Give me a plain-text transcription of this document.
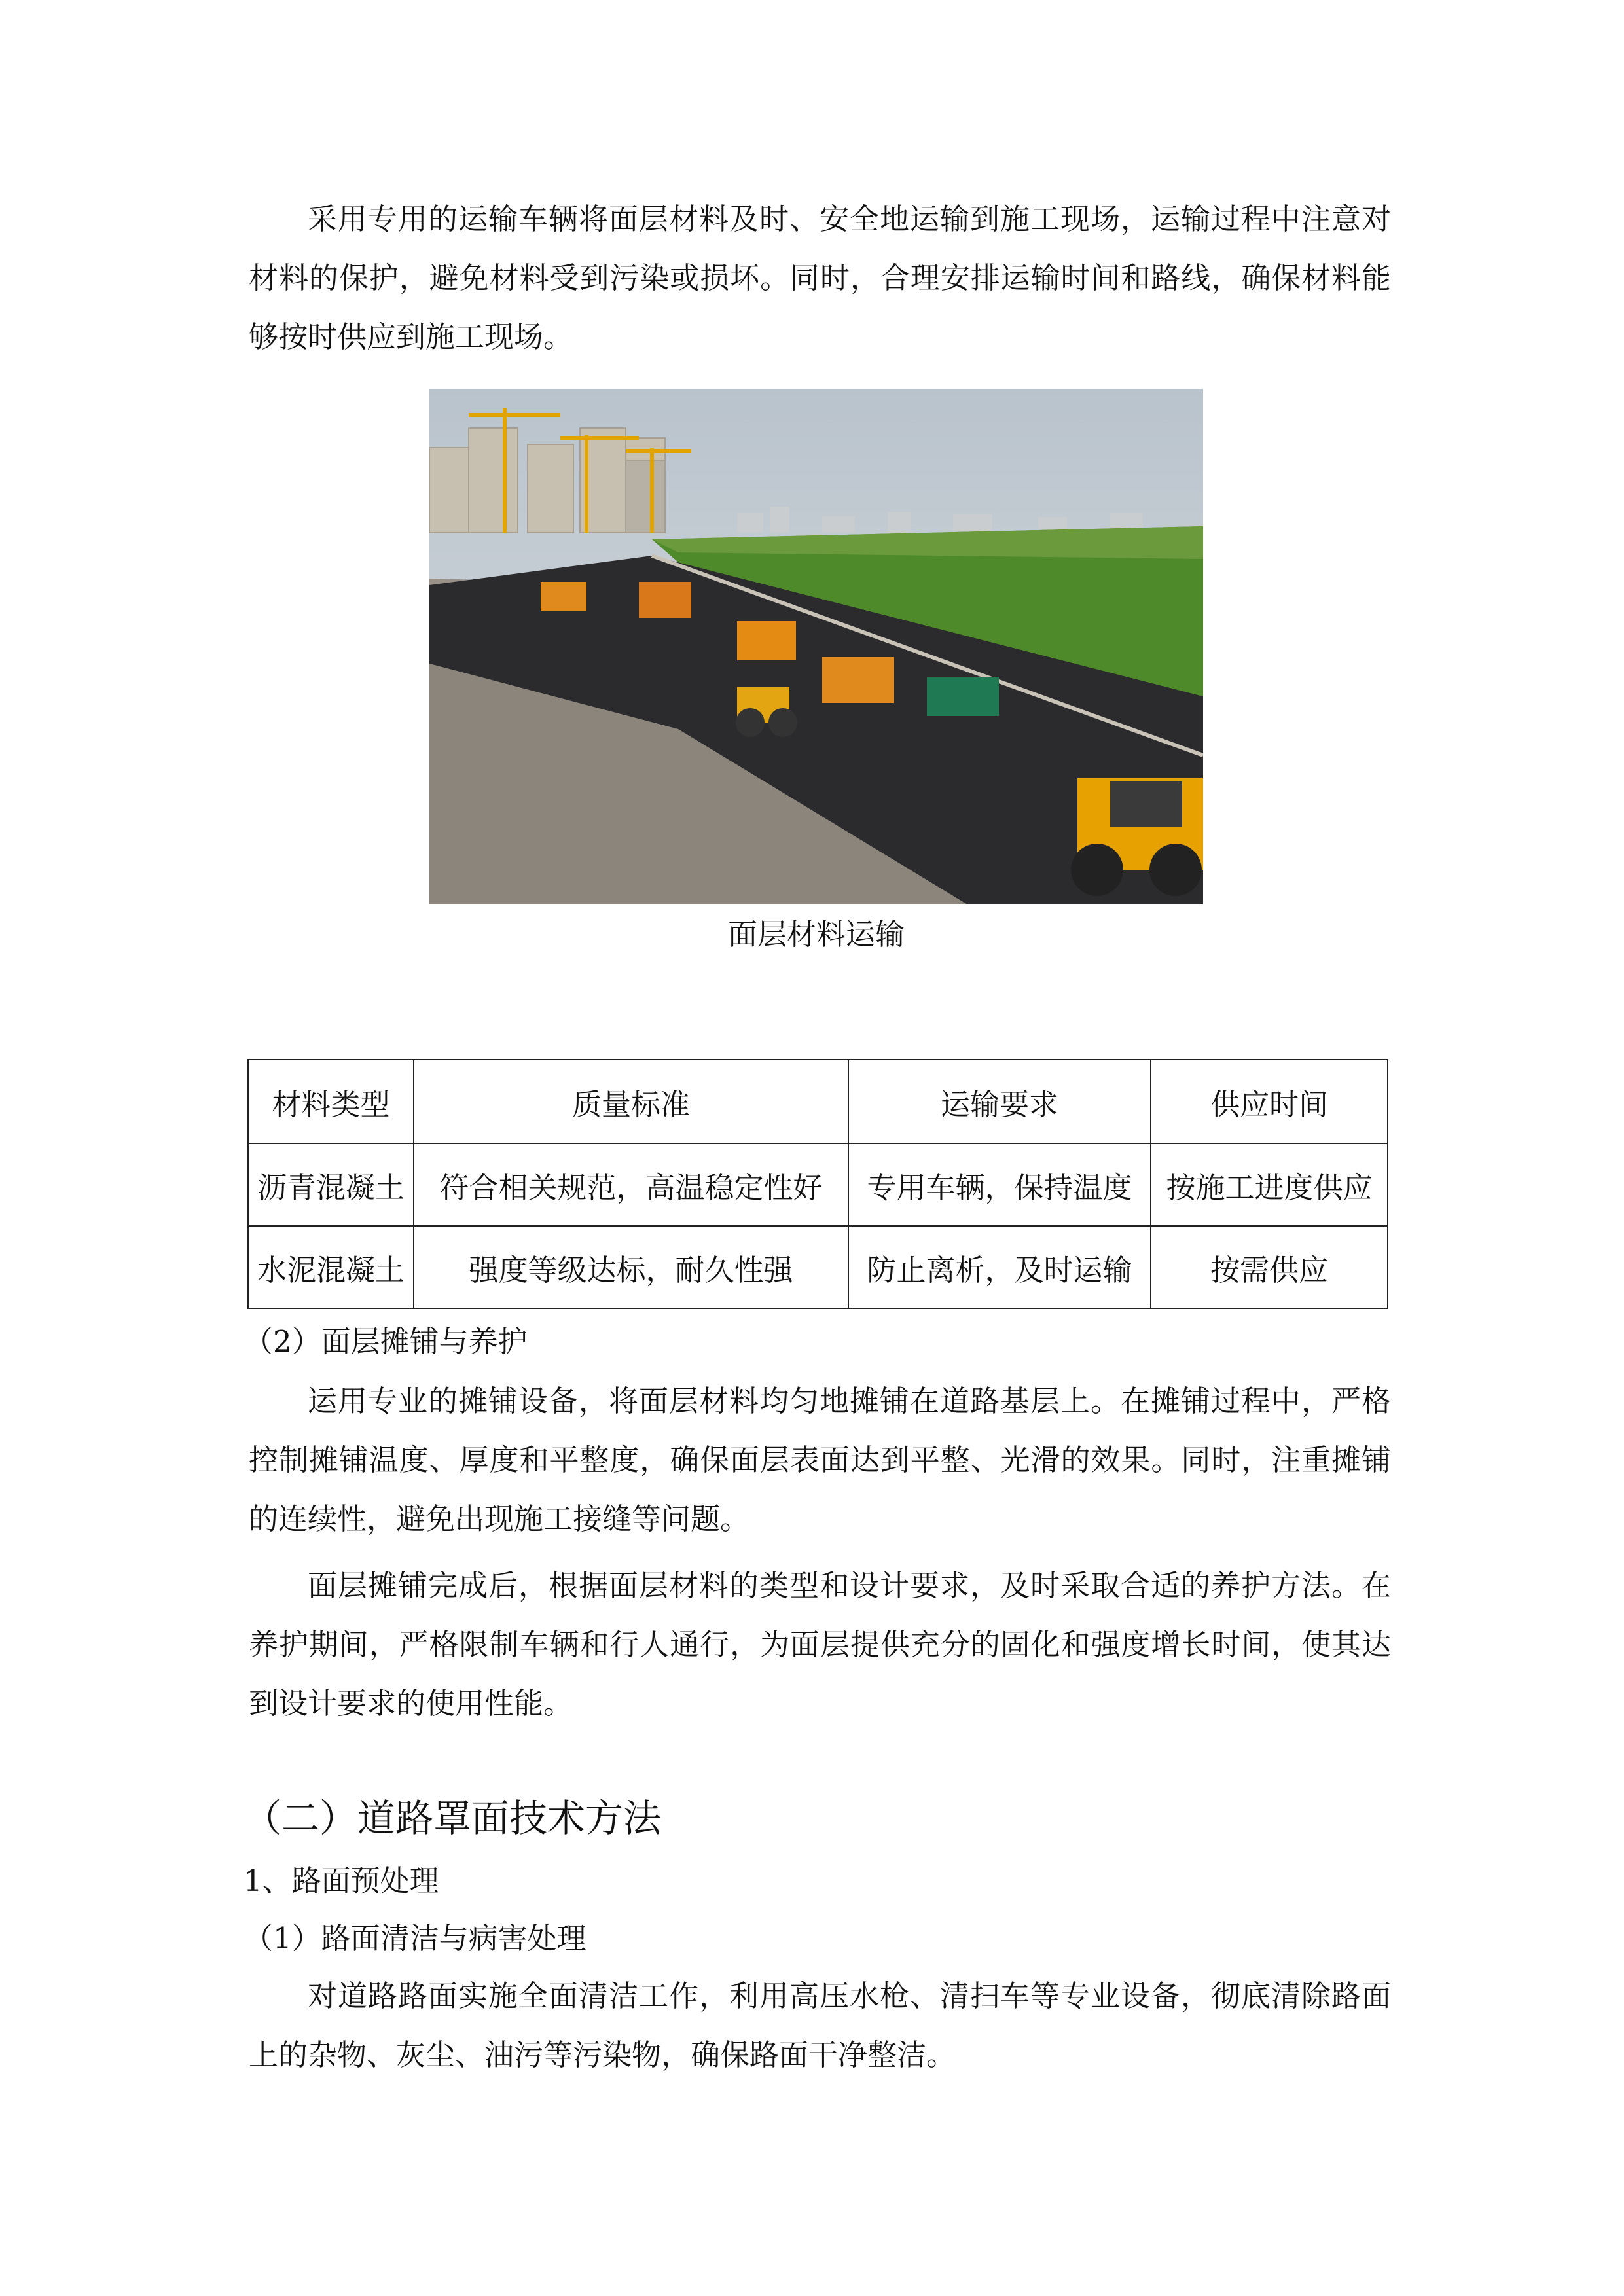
采用专用的运输车辆将面层材料及时、安全地运输到施工现场，运输过程中注意对材料的保护，避免材料受到污染或损坏。同时，合理安排运输时间和路线，确保材料能够按时供应到施工现场。

面层材料运输
材料类型	质量标准	运输要求	供应时间
沥青混凝土	符合相关规范，高温稳定性好	专用车辆，保持温度	按施工进度供应
水泥混凝土	强度等级达标，耐久性强	防止离析，及时运输	按需供应
（2）面层摊铺与养护

运用专业的摊铺设备，将面层材料均匀地摊铺在道路基层上。在摊铺过程中，严格控制摊铺温度、厚度和平整度，确保面层表面达到平整、光滑的效果。同时，注重摊铺的连续性，避免出现施工接缝等问题。

面层摊铺完成后，根据面层材料的类型和设计要求，及时采取合适的养护方法。在养护期间，严格限制车辆和行人通行，为面层提供充分的固化和强度增长时间，使其达到设计要求的使用性能。

（二）道路罩面技术方法
1、路面预处理
（1）路面清洁与病害处理

对道路路面实施全面清洁工作，利用高压水枪、清扫车等专业设备，彻底清除路面上的杂物、灰尘、油污等污染物，确保路面干净整洁。
